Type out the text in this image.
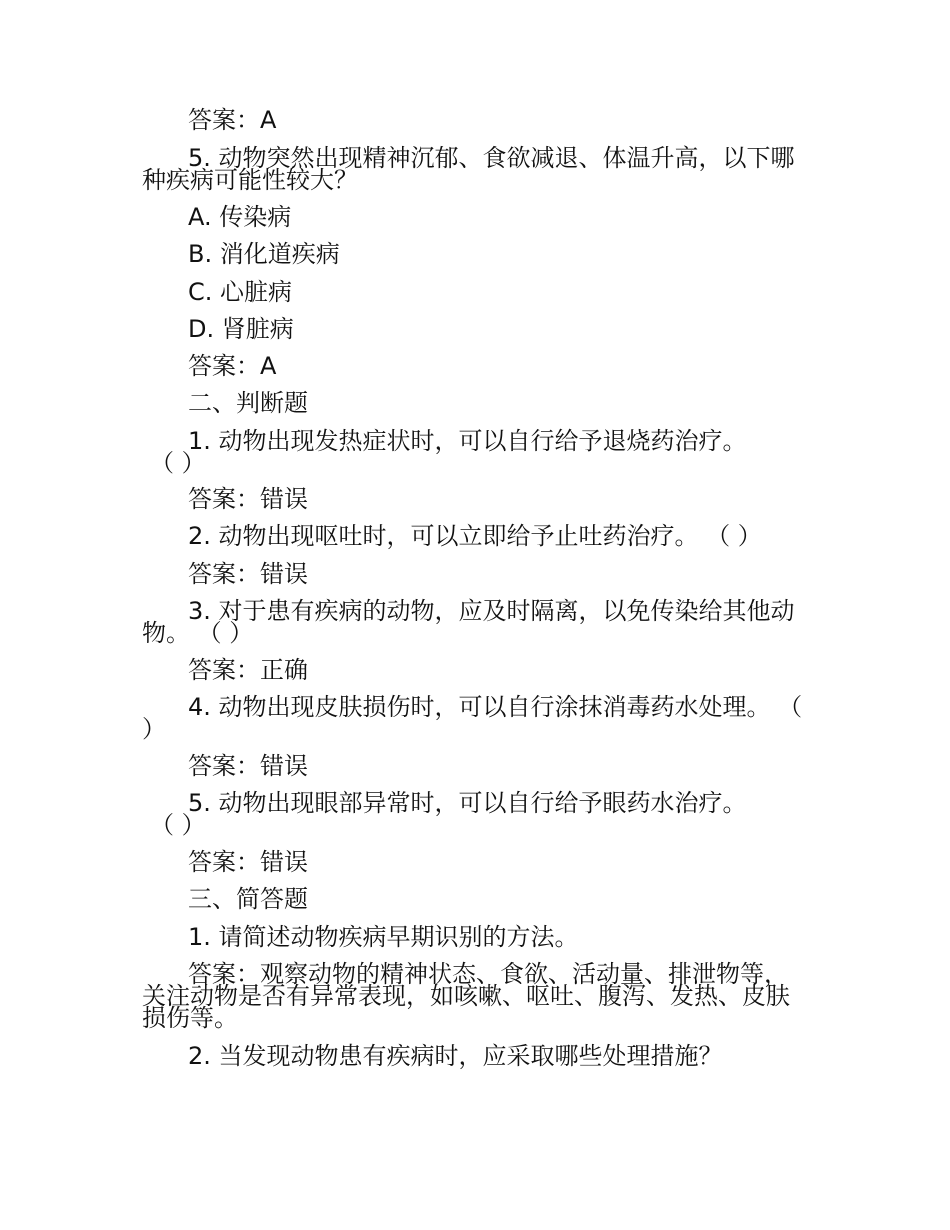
答案：A
5. 动物突然出现精神沉郁、食欲减退、体温升高，以下哪
种疾病可能性较大？
A. 传染病
B. 消化道疾病
C. 心脏病
D. 肾脏病
答案：A
二、判断题
1. 动物出现发热症状时，可以自行给予退烧药治疗。
（ ）
答案：错误
2. 动物出现呕吐时，可以立即给予止吐药治疗。 （ ）
答案：错误
3. 对于患有疾病的动物，应及时隔离，以免传染给其他动
物。 （ ）
答案：正确
4. 动物出现皮肤损伤时，可以自行涂抹消毒药水处理。 （
）
答案：错误
5. 动物出现眼部异常时，可以自行给予眼药水治疗。
（ ）
答案：错误
三、简答题
1. 请简述动物疾病早期识别的方法。
答案：观察动物的精神状态、食欲、活动量、排泄物等，
关注动物是否有异常表现，如咳嗽、呕吐、腹泻、发热、皮肤
损伤等。
2. 当发现动物患有疾病时，应采取哪些处理措施？
